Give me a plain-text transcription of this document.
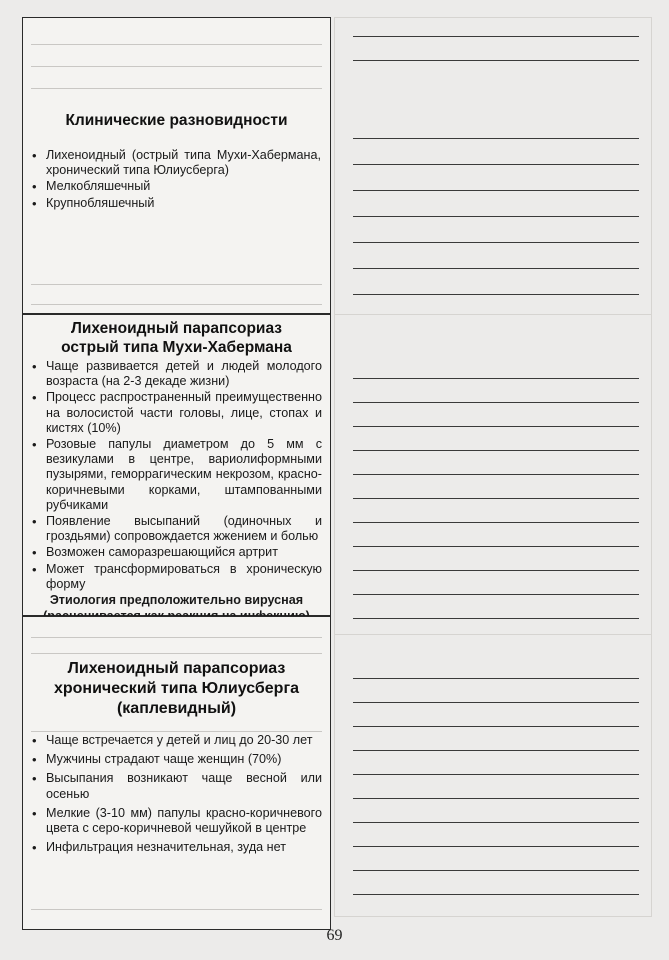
Клинические разновидности
• Лихеноидный (острый типа Мухи-Хабермана, хронический типа Юлиусберга)
• Мелкобляшечный
• Крупнобляшечный
Лихеноидный парапсориаз
острый типа Мухи-Хабермана
• Чаще развивается детей и людей молодого возраста (на 2-3 декаде жизни)
• Процесс распространенный преимущественно на волосистой части головы, лице, стопах и кистях (10%)
• Розовые папулы диаметром до 5 мм с везикулами в центре, вариолиформными пузырями, геморрагическим некрозом, красно-коричневыми корками, штампованными рубчиками
• Появление высыпаний (одиночных и гроздьями) сопровождается жжением и болью
• Возможен саморазрешающийся артрит
• Может трансформироваться в хроническую форму
Этиология предположительно вирусная
Лихеноидный парапсориаз
хронический типа Юлиусберга
(каплевидный)
• Чаще встречается у детей и лиц до 20-30 лет
• Мужчины страдают чаще женщин (70%)
• Высыпания возникают чаще весной или осенью
• Мелкие (3-10 мм) папулы красно-коричневого цвета с серо-коричневой чешуйкой в центре
• Инфильтрация незначительная, зуда нет
69
